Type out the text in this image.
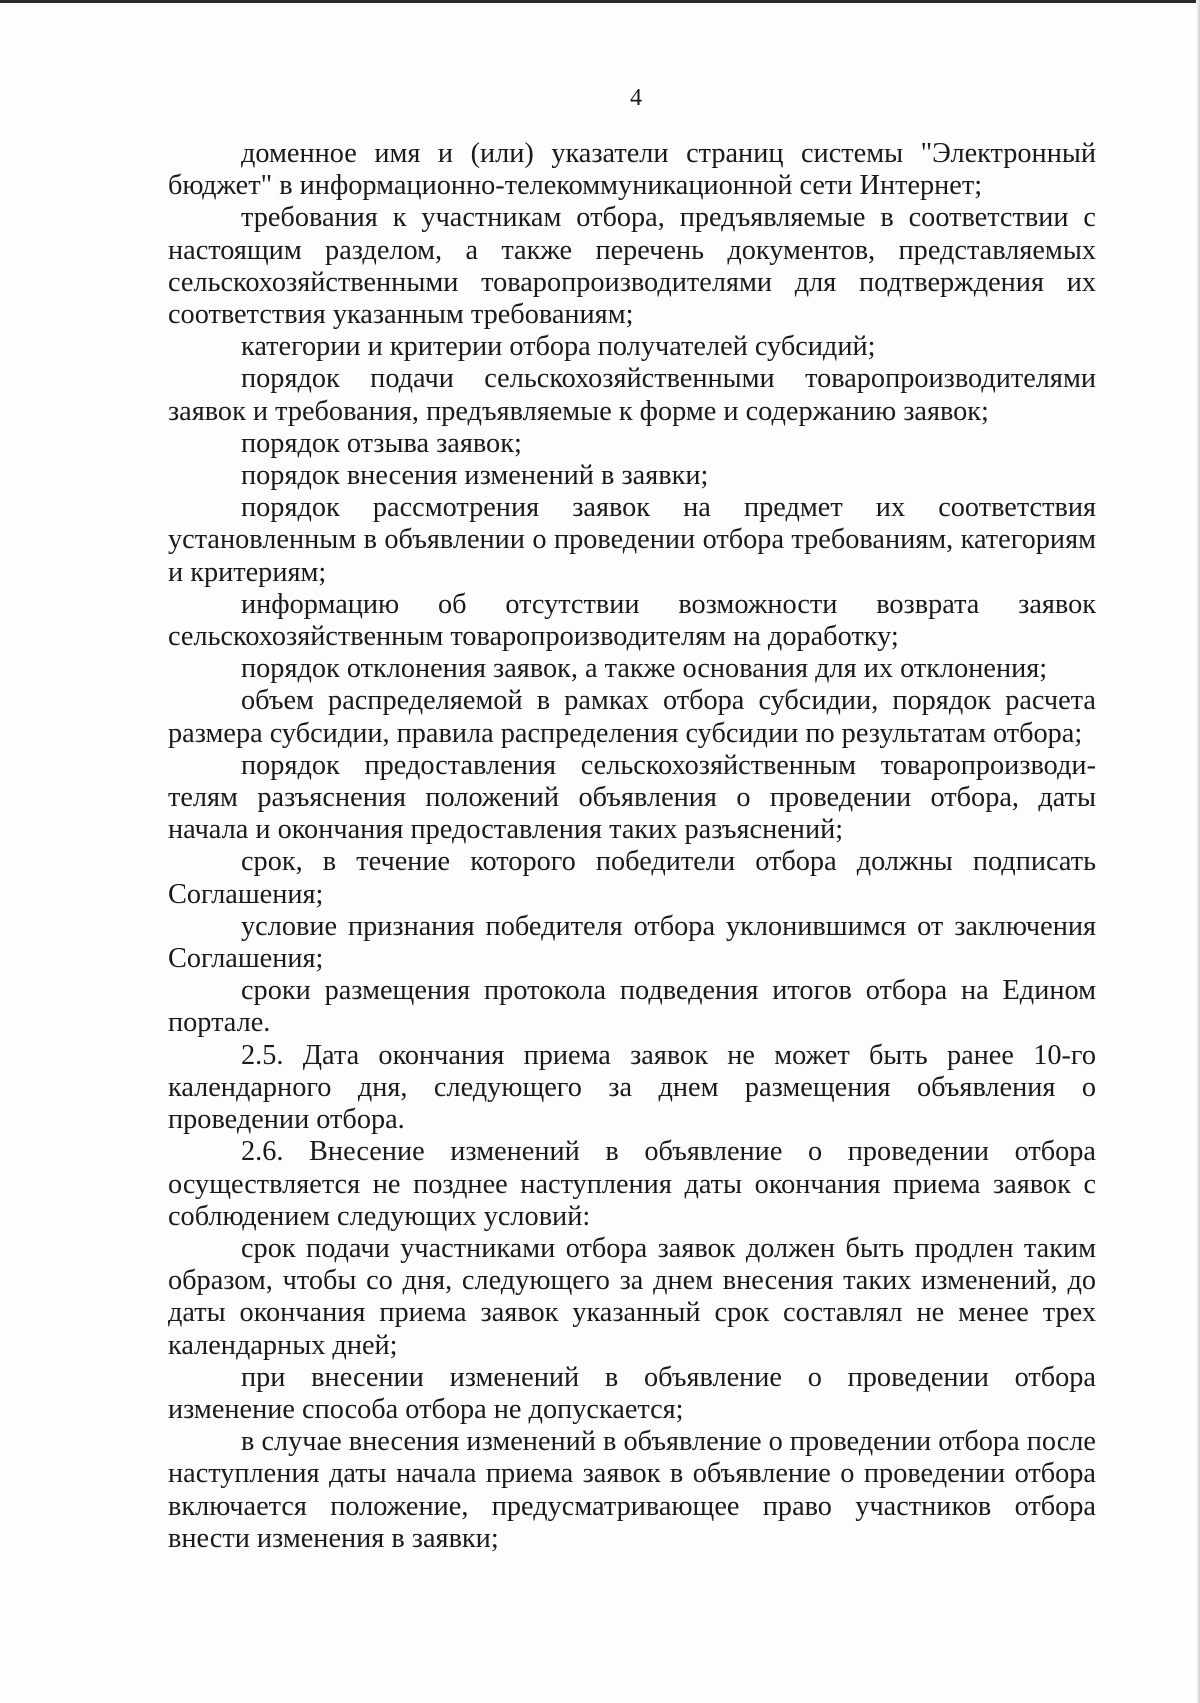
4

доменное имя и (или) указатели страниц системы "Электронный бюджет" в информационно-телекоммуникационной сети Интернет;

требования к участникам отбора, предъявляемые в соответствии с настоящим разделом, а также перечень документов, представляемых сельскохозяйственными товаропроизводителями для подтверждения их соответствия указанным требованиям;

категории и критерии отбора получателей субсидий;

порядок подачи сельскохозяйственными товаропроизводителями заявок и требования, предъявляемые к форме и содержанию заявок;

порядок отзыва заявок;

порядок внесения изменений в заявки;

порядок рассмотрения заявок на предмет их соответствия установленным в объявлении о проведении отбора требованиям, категориям и критериям;

информацию об отсутствии возможности возврата заявок сельскохозяйственным товаропроизводителям на доработку;

порядок отклонения заявок, а также основания для их отклонения;

объем распределяемой в рамках отбора субсидии, порядок расчета размера субсидии, правила распределения субсидии по результатам отбора;

порядок предоставления сельскохозяйственным товаропроизводителям разъяснения положений объявления о проведении отбора, даты начала и окончания предоставления таких разъяснений;

срок, в течение которого победители отбора должны подписать Соглашения;

условие признания победителя отбора уклонившимся от заключения Соглашения;

сроки размещения протокола подведения итогов отбора на Едином портале.

2.5. Дата окончания приема заявок не может быть ранее 10-го календарного дня, следующего за днем размещения объявления о проведении отбора.

2.6. Внесение изменений в объявление о проведении отбора осуществляется не позднее наступления даты окончания приема заявок с соблюдением следующих условий:

срок подачи участниками отбора заявок должен быть продлен таким образом, чтобы со дня, следующего за днем внесения таких изменений, до даты окончания приема заявок указанный срок составлял не менее трех календарных дней;

при внесении изменений в объявление о проведении отбора изменение способа отбора не допускается;

в случае внесения изменений в объявление о проведении отбора после наступления даты начала приема заявок в объявление о проведении отбора включается положение, предусматривающее право участников отбора внести изменения в заявки;
